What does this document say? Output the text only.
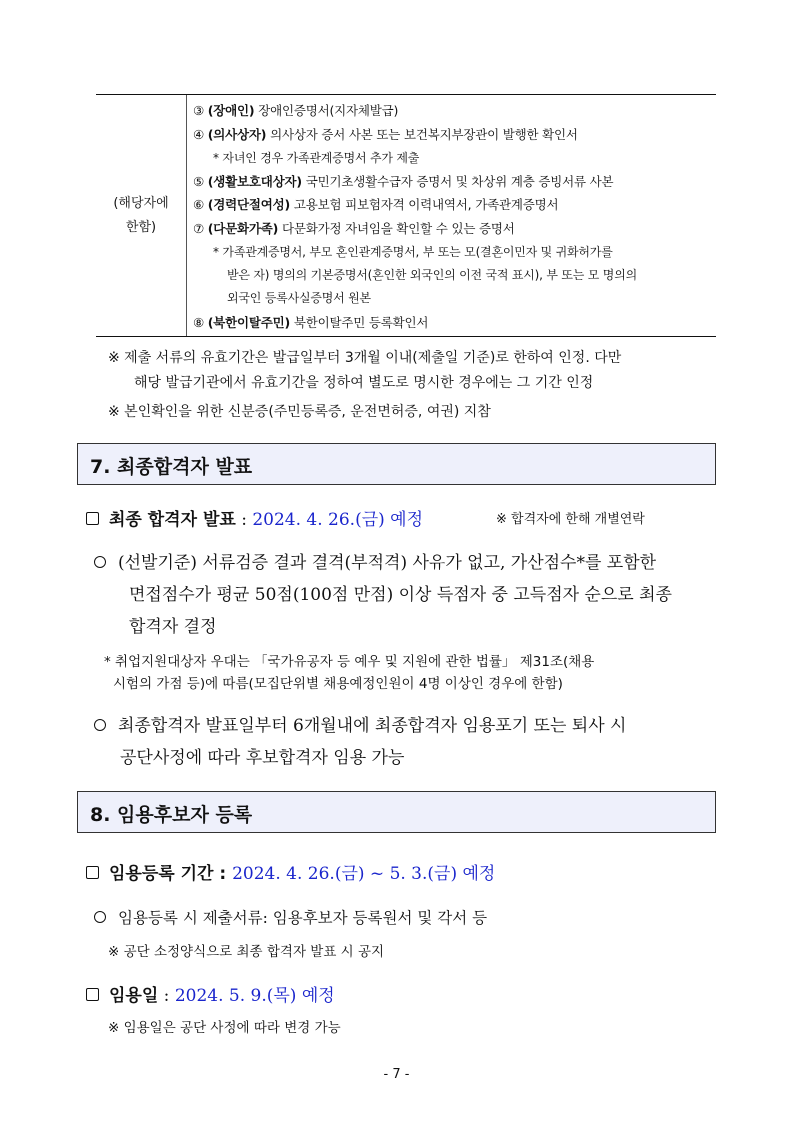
(해당자에
한함)
③ (장애인) 장애인증명서(지자체발급)
④ (의사상자) 의사상자 증서 사본 또는 보건복지부장관이 발행한 확인서
* 자녀인 경우 가족관계증명서 추가 제출
⑤ (생활보호대상자) 국민기초생활수급자 증명서 및 차상위 계층 증빙서류 사본
⑥ (경력단절여성) 고용보험 피보험자격 이력내역서, 가족관계증명서
⑦ (다문화가족) 다문화가정 자녀임을 확인할 수 있는 증명서
* 가족관계증명서, 부모 혼인관계증명서, 부 또는 모(결혼이민자 및 귀화허가를
받은 자) 명의의 기본증명서(혼인한 외국인의 이전 국적 표시), 부 또는 모 명의의
외국인 등록사실증명서 원본
⑧ (북한이탈주민) 북한이탈주민 등록확인서
※ 제출 서류의 유효기간은 발급일부터 3개월 이내(제출일 기준)로 한하여 인정. 다만
해당 발급기관에서 유효기간을 정하여 별도로 명시한 경우에는 그 기간 인정
※ 본인확인을 위한 신분증(주민등록증, 운전면허증, 여권) 지참
7. 최종합격자 발표
최종 합격자 발표 : 2024. 4. 26.(금) 예정	※ 합격자에 한해 개별연락
(선발기준) 서류검증 결과 결격(부적격) 사유가 없고, 가산점수*를 포함한
면접점수가 평균 50점(100점 만점) 이상 득점자 중 고득점자 순으로 최종
합격자 결정
* 취업지원대상자 우대는 「국가유공자 등 예우 및 지원에 관한 법률」 제31조(채용
시험의 가점 등)에 따름(모집단위별 채용예정인원이 4명 이상인 경우에 한함)
최종합격자 발표일부터 6개월내에 최종합격자 임용포기 또는 퇴사 시
공단사정에 따라 후보합격자 임용 가능
8. 임용후보자 등록
임용등록 기간 : 2024. 4. 26.(금) ~ 5. 3.(금) 예정
임용등록 시 제출서류: 임용후보자 등록원서 및 각서 등
※ 공단 소정양식으로 최종 합격자 발표 시 공지
임용일 : 2024. 5. 9.(목) 예정
※ 임용일은 공단 사정에 따라 변경 가능
- 7 -
